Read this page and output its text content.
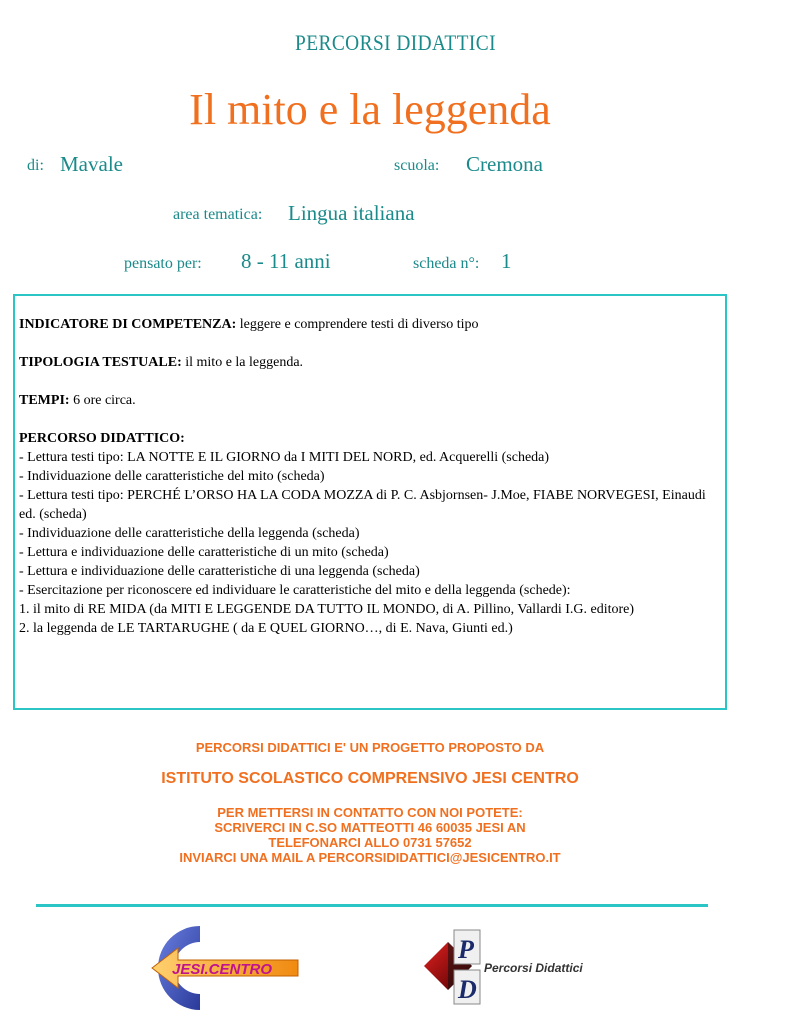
PERCORSI DIDATTICI
Il mito e la leggenda
di: Mavale	scuola: Cremona
area tematica: Lingua italiana
pensato per: 8 - 11 anni	scheda n°: 1

INDICATORE DI COMPETENZA: leggere e comprendere testi di diverso tipo

TIPOLOGIA TESTUALE: il mito e la leggenda.

TEMPI: 6 ore circa.

PERCORSO DIDATTICO:

- Lettura testi tipo: LA NOTTE E IL GIORNO da I MITI DEL NORD, ed. Acquerelli (scheda)

- Individuazione delle caratteristiche del mito (scheda)

- Lettura testi tipo: PERCHÉ L’ORSO HA LA CODA MOZZA di P. C. Asbjornsen- J.Moe, FIABE NORVEGESI, Einaudi ed. (scheda)

- Individuazione delle caratteristiche della leggenda (scheda)

- Lettura e individuazione delle caratteristiche di un mito (scheda)

- Lettura e individuazione delle caratteristiche di una leggenda (scheda)

- Esercitazione per riconoscere ed individuare le caratteristiche del mito e della leggenda (schede):

1. il mito di RE MIDA (da MITI E LEGGENDE DA TUTTO IL MONDO, di A. Pillino, Vallardi I.G. editore)

2. la leggenda de LE TARTARUGHE ( da E QUEL GIORNO…, di E. Nava, Giunti ed.)

PERCORSI DIDATTICI E' UN PROGETTO PROPOSTO DA
ISTITUTO SCOLASTICO COMPRENSIVO JESI CENTRO
PER METTERSI IN CONTATTO CON NOI POTETE:
SCRIVERCI IN C.SO MATTEOTTI 46 60035 JESI AN
TELEFONARCI ALLO 0731 57652
INVIARCI UNA MAIL A PERCORSIDIDATTICI@JESICENTRO.IT
JESI.CENTRO
P
D
Percorsi Didattici
